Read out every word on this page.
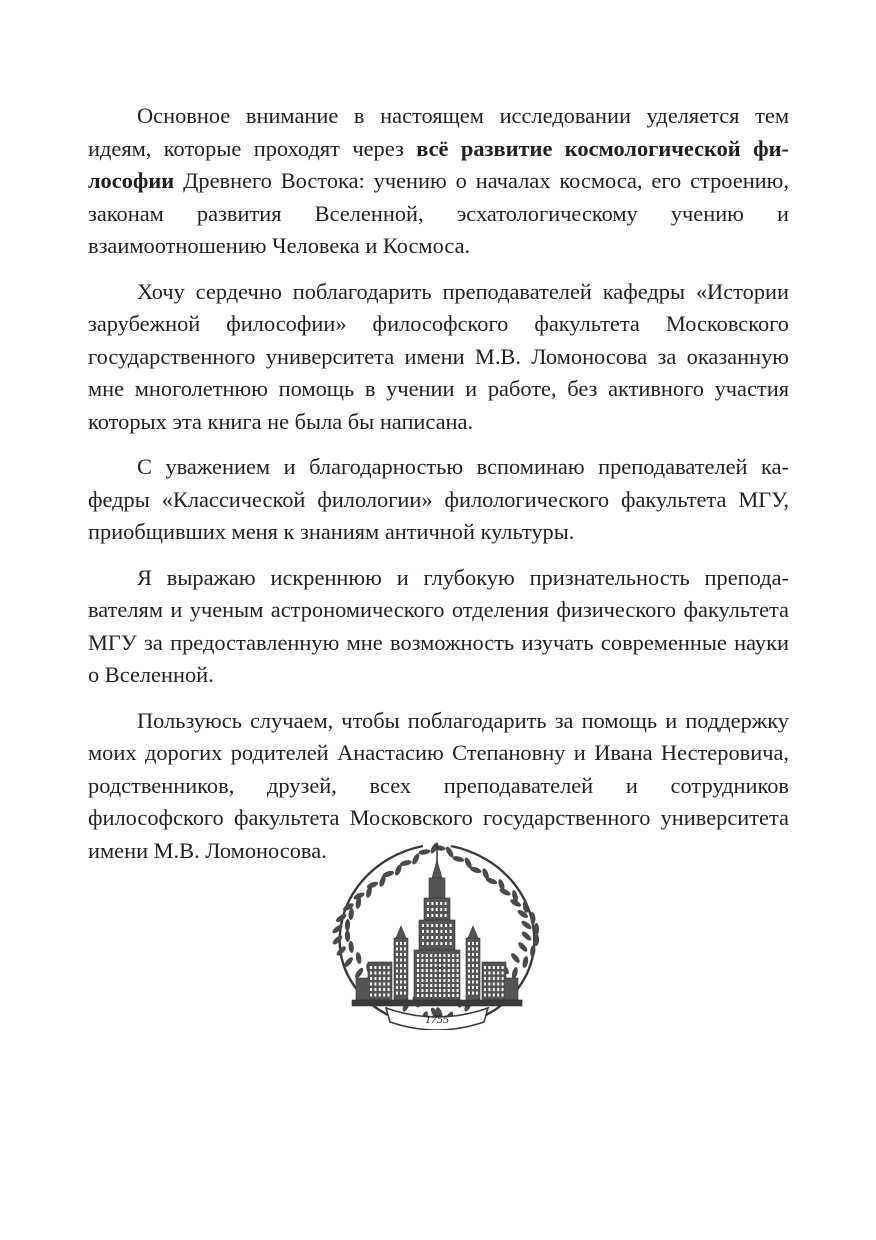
Основное внимание в настоящем исследовании уделяется тем идеям, которые проходят через всё развитие космологической философии Древнего Востока: учению о началах космоса, его строению, законам развития Вселенной, эсхатологическому учению и взаимоотношению Человека и Космоса.

Хочу сердечно поблагодарить преподавателей кафедры «Истории зарубежной философии» философского факультета Московского государственного университета имени М.В. Ломоносова за оказанную мне многолетнюю помощь в учении и работе, без активного участия которых эта книга не была бы написана.

С уважением и благодарностью вспоминаю преподавателей кафедры «Классической филологии» филологического факультета МГУ, приобщивших меня к знаниям античной культуры.

Я выражаю искреннюю и глубокую признательность преподавателям и ученым астрономического отделения физического факультета МГУ за предоставленную мне возможность изучать современные науки о Вселенной.

Пользуюсь случаем, чтобы поблагодарить за помощь и поддержку моих дорогих родителей Анастасию Степановну и Ивана Нестеровича, родственников, друзей, всех преподавателей и сотрудников философского факультета Московского государственного университета имени М.В. Ломоносова.

1755
